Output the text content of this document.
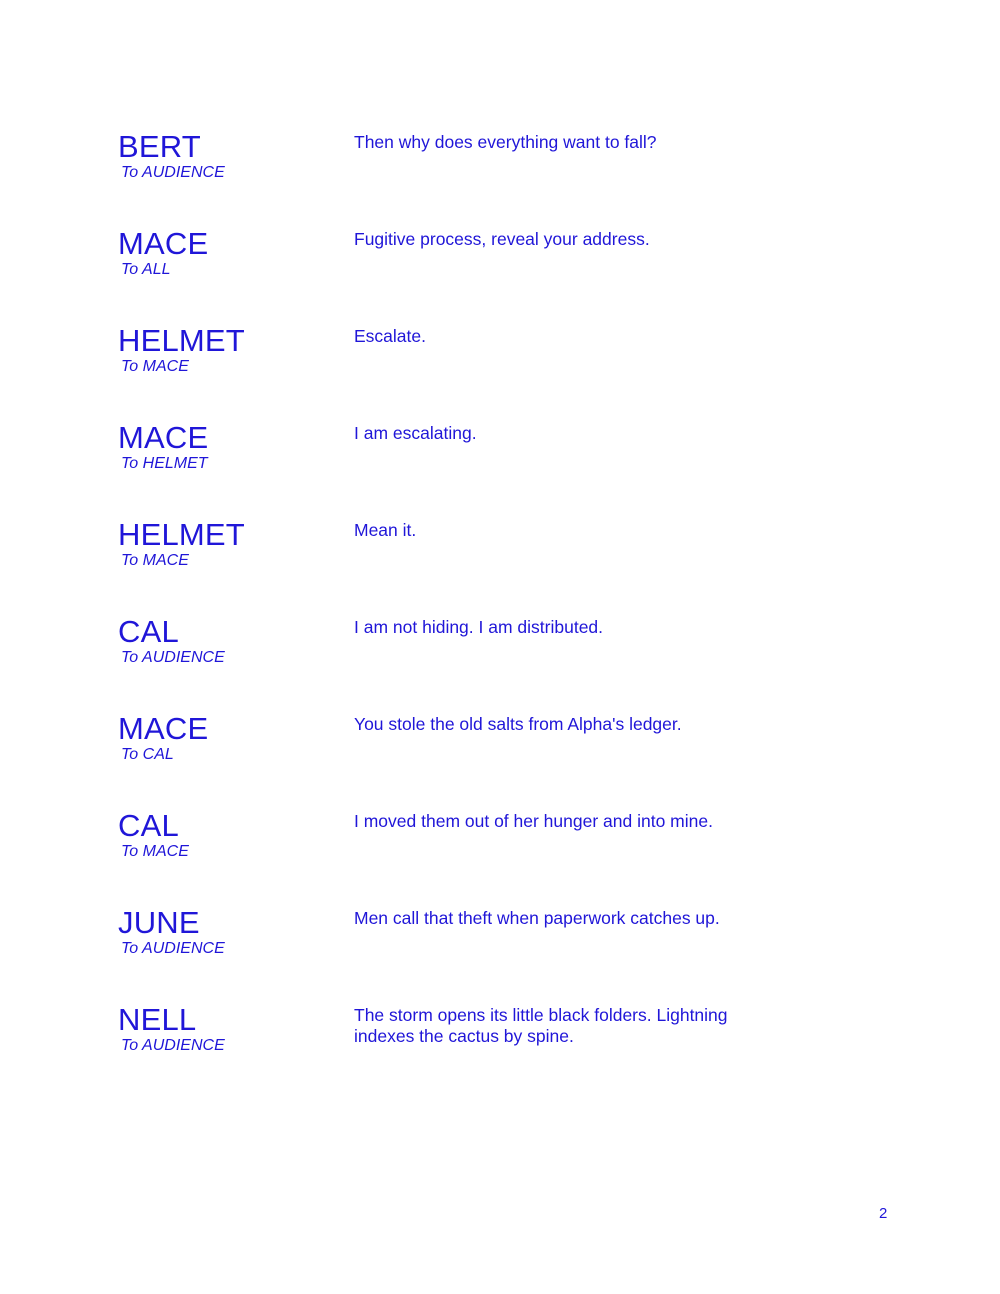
BERT
To AUDIENCE
Then why does everything want to fall?
MACE
To ALL
Fugitive process, reveal your address.
HELMET
To MACE
Escalate.
MACE
To HELMET
I am escalating.
HELMET
To MACE
Mean it.
CAL
To AUDIENCE
I am not hiding. I am distributed.
MACE
To CAL
You stole the old salts from Alpha's ledger.
CAL
To MACE
I moved them out of her hunger and into mine.
JUNE
To AUDIENCE
Men call that theft when paperwork catches up.
NELL
To AUDIENCE
The storm opens its little black folders. Lightning indexes the cactus by spine.
2
